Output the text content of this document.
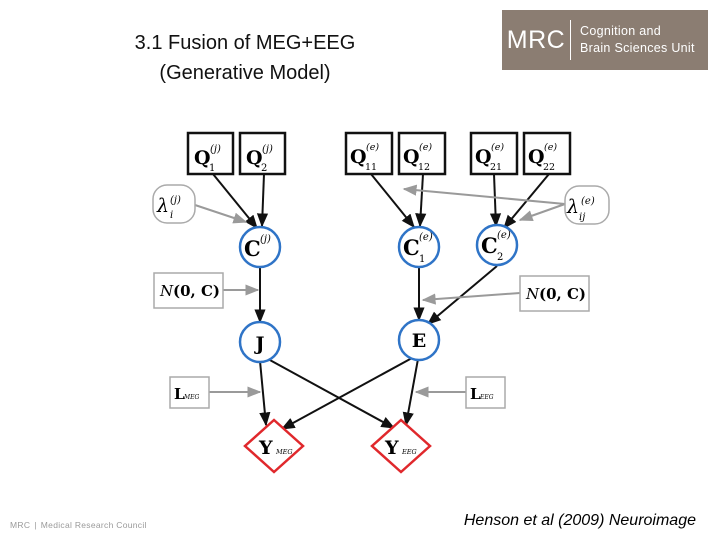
3.1 Fusion of MEG+EEG
(Generative Model)
MRC	Cognition and
Brain Sciences Unit
Q
1
(j) Q
2
(j)	Q
11
(e) Q
12
(e) Q
21
(e) Q
22
(e)
λ i
(j)	λ ij
(e)
C (j)	C 1
(e) C 2
(e)
N (0, C)	N (0, C)
J	E
L MEG	L EEG
Y MEG	Y EEG
MRC | Medical Research Council	Henson et al (2009) Neuroimage
